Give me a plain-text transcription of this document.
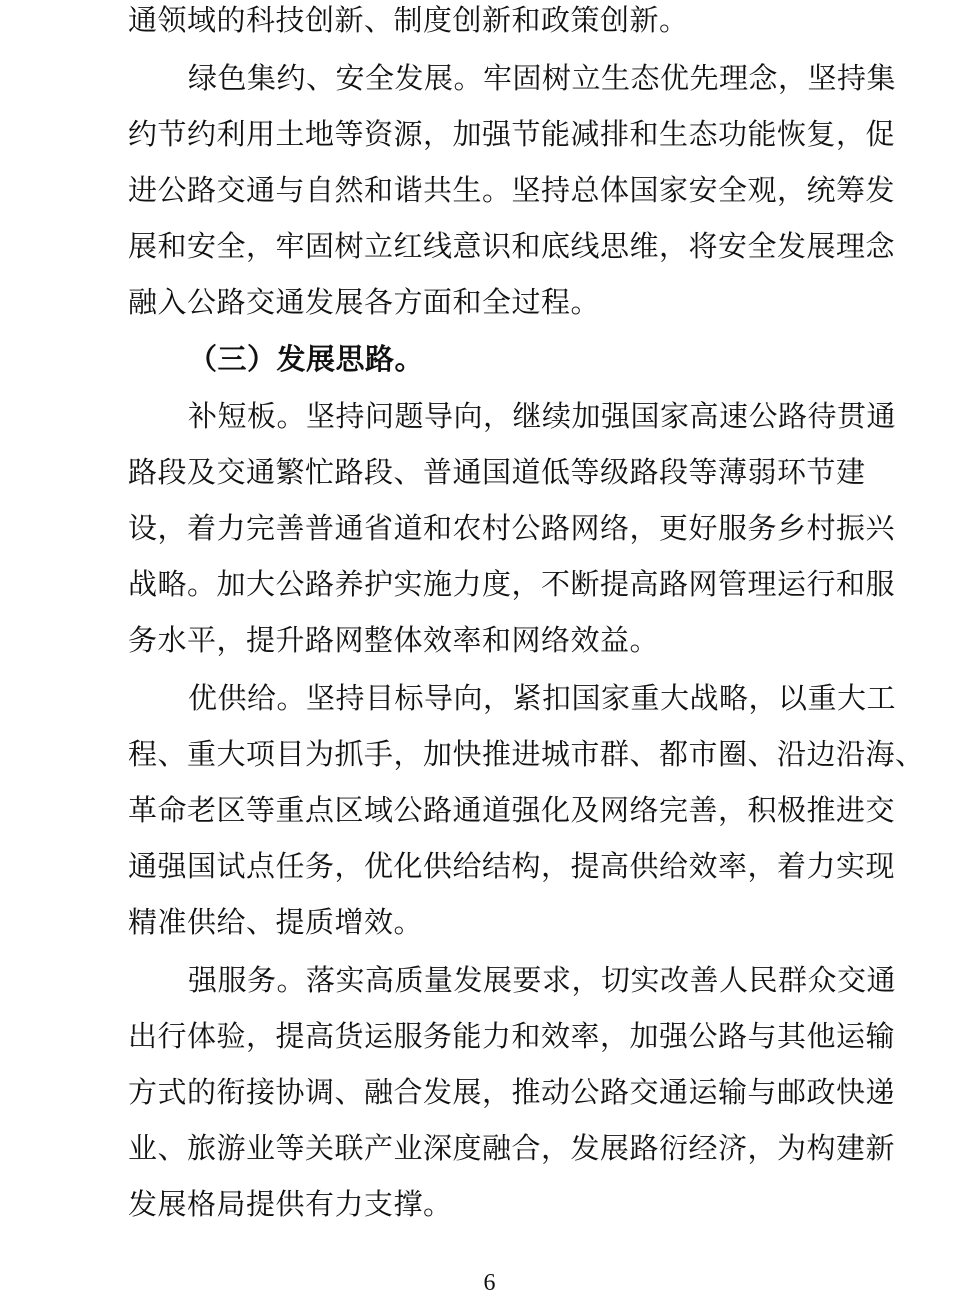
通领域的科技创新、制度创新和政策创新。
绿色集约、安全发展。牢固树立生态优先理念，坚持集
约节约利用土地等资源，加强节能减排和生态功能恢复，促
进公路交通与自然和谐共生。坚持总体国家安全观，统筹发
展和安全，牢固树立红线意识和底线思维，将安全发展理念
融入公路交通发展各方面和全过程。
（三）发展思路。
补短板。坚持问题导向，继续加强国家高速公路待贯通
路段及交通繁忙路段、普通国道低等级路段等薄弱环节建
设，着力完善普通省道和农村公路网络，更好服务乡村振兴
战略。加大公路养护实施力度，不断提高路网管理运行和服
务水平，提升路网整体效率和网络效益。
优供给。坚持目标导向，紧扣国家重大战略，以重大工
程、重大项目为抓手，加快推进城市群、都市圈、沿边沿海、
革命老区等重点区域公路通道强化及网络完善，积极推进交
通强国试点任务，优化供给结构，提高供给效率，着力实现
精准供给、提质增效。
强服务。落实高质量发展要求，切实改善人民群众交通
出行体验，提高货运服务能力和效率，加强公路与其他运输
方式的衔接协调、融合发展，推动公路交通运输与邮政快递
业、旅游业等关联产业深度融合，发展路衍经济，为构建新
发展格局提供有力支撑。
6
